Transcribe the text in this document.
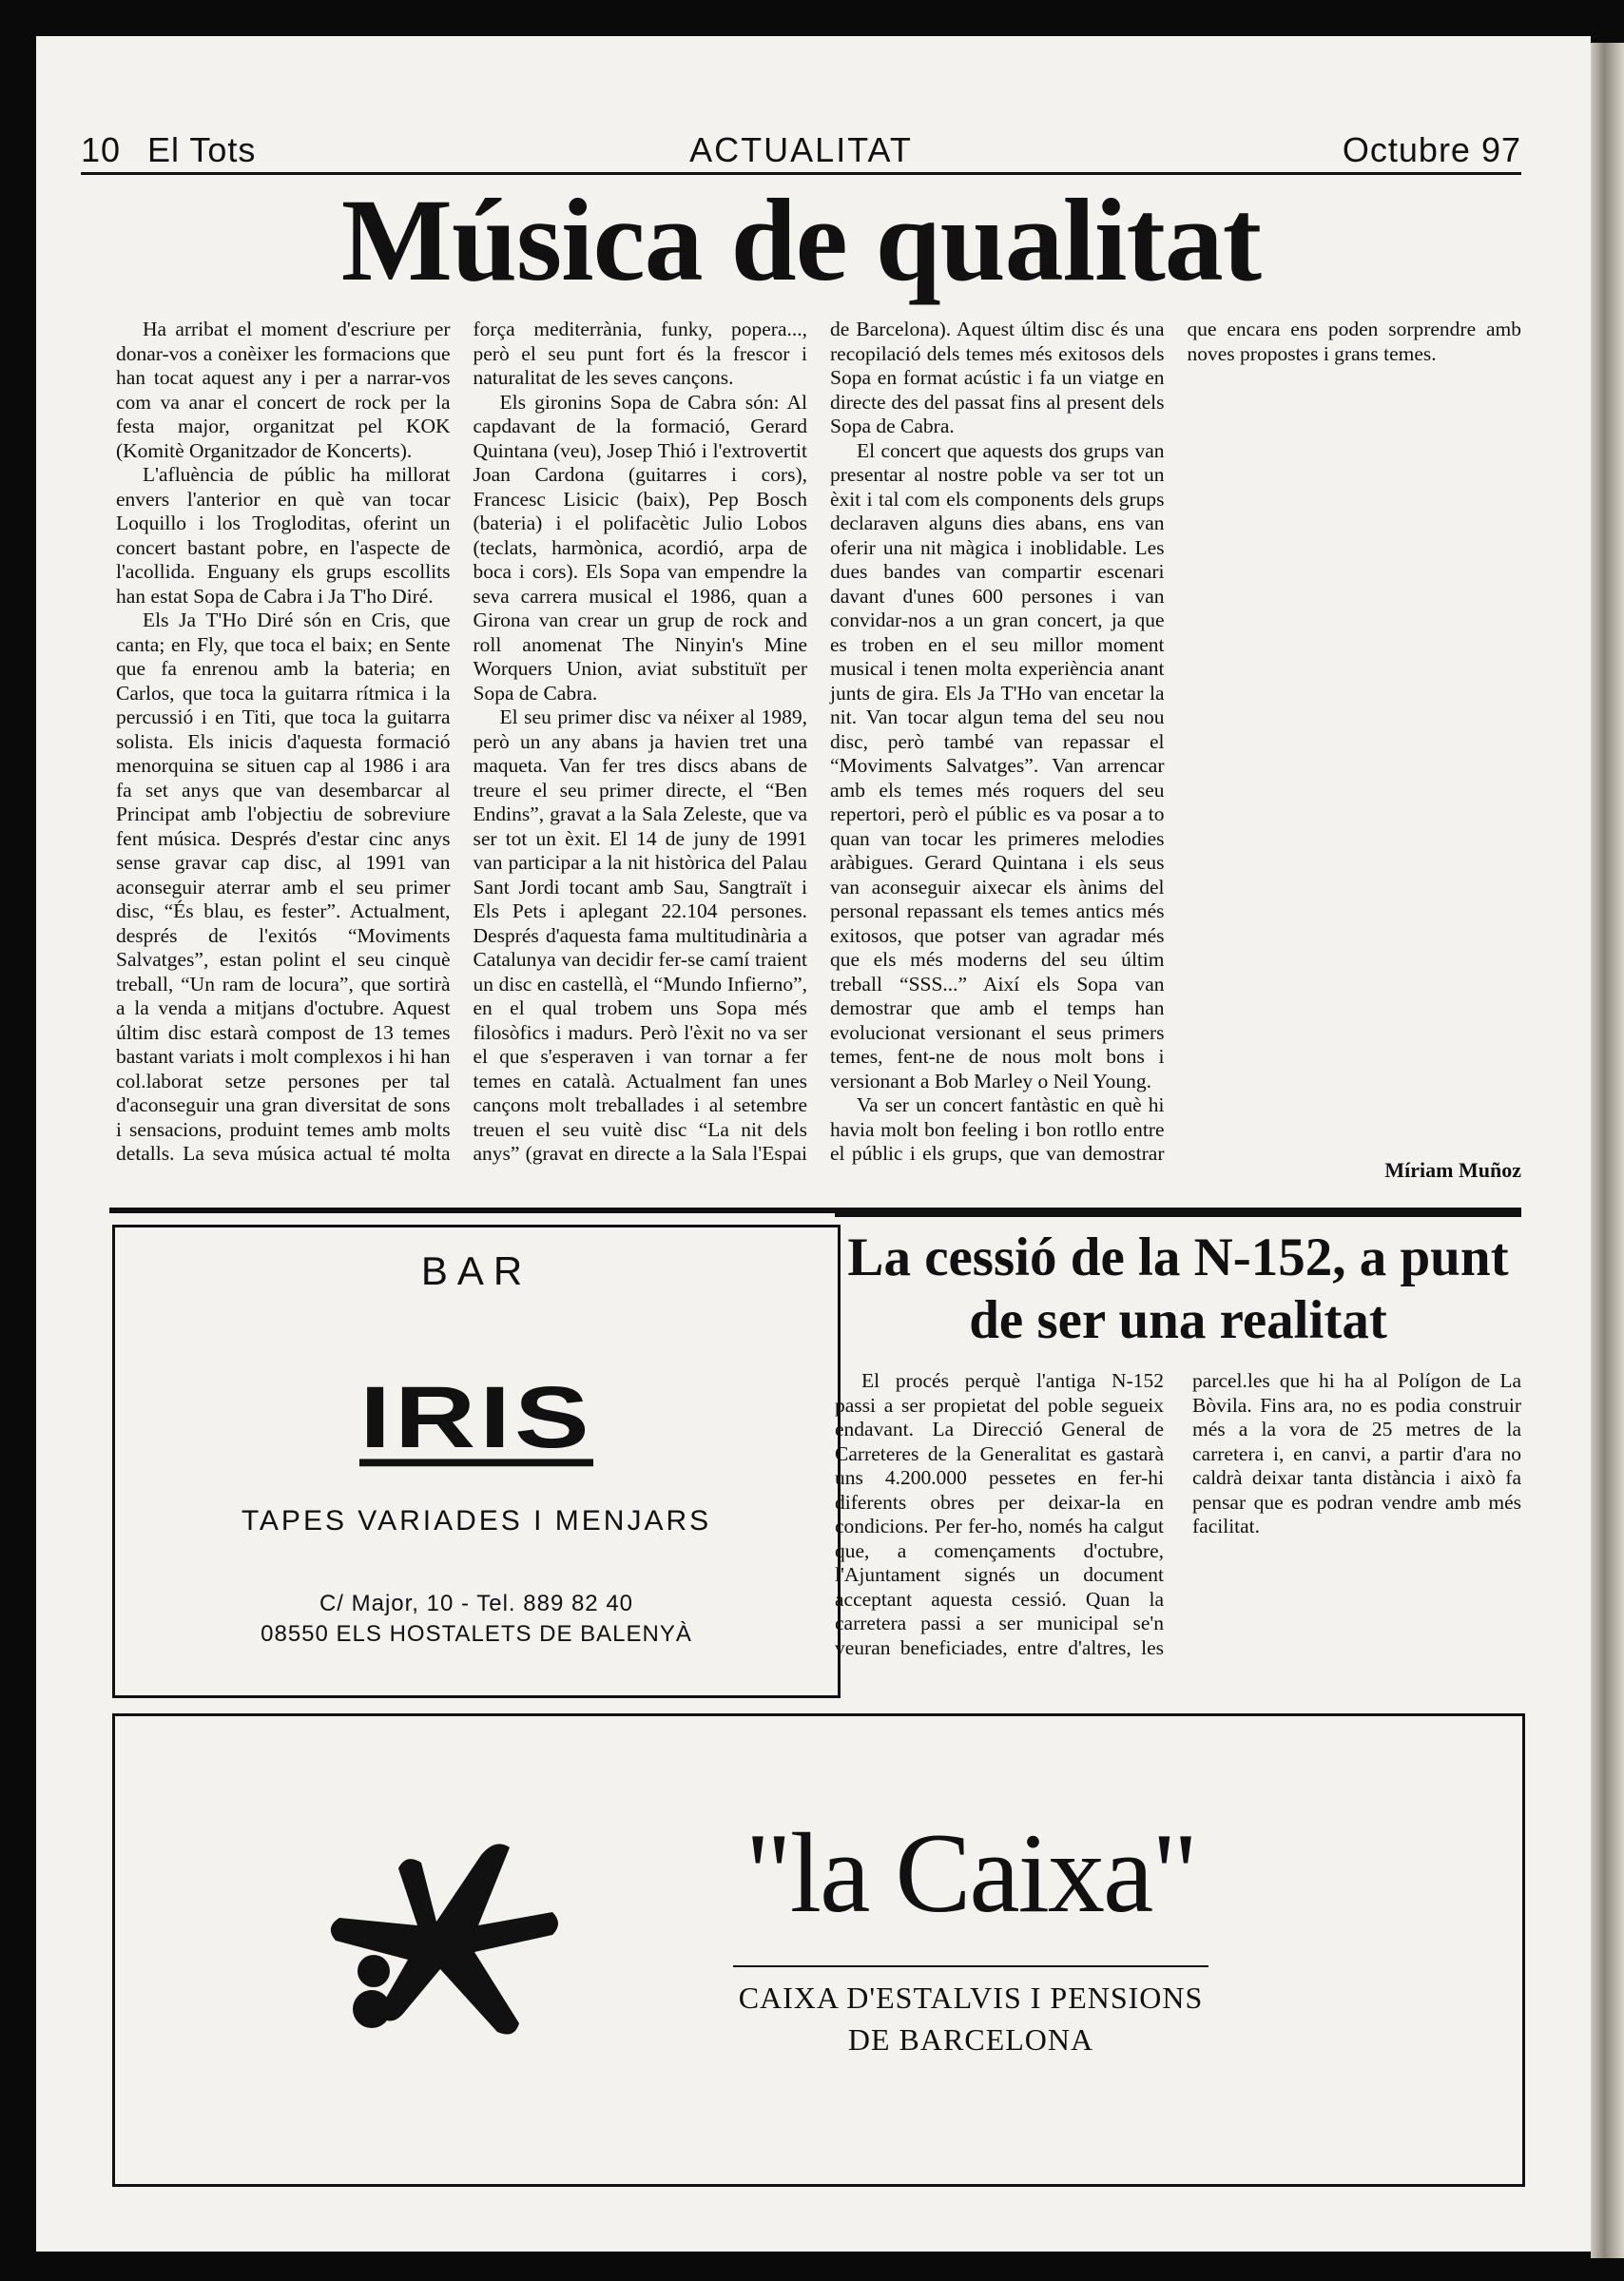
10 El Tots	ACTUALITAT	Octubre 97
Música de qualitat

Ha arribat el moment d'escriure per donar-vos a conèixer les formacions que han tocat aquest any i per a narrar-vos com va anar el concert de rock per la festa major, organitzat pel KOK (Komitè Organitzador de Koncerts).

L'afluència de públic ha millorat envers l'anterior en què van tocar Loquillo i los Trogloditas, oferint un concert bastant pobre, en l'aspecte de l'acollida. Enguany els grups escollits han estat Sopa de Cabra i Ja T'ho Diré.

Els Ja T'Ho Diré són en Cris, que canta; en Fly, que toca el baix; en Sente que fa enrenou amb la bateria; en Carlos, que toca la guitarra rítmica i la percussió i en Titi, que toca la guitarra solista. Els inicis d'aquesta formació menorquina se situen cap al 1986 i ara fa set anys que van desembarcar al Principat amb l'objectiu de sobreviure fent música. Després d'estar cinc anys sense gravar cap disc, al 1991 van aconseguir aterrar amb el seu primer disc, “És blau, es fester”. Actualment, després de l'exitós “Moviments Salvatges”, estan polint el seu cinquè treball, “Un ram de locura”, que sortirà a la venda a mitjans d'octubre. Aquest últim disc estarà compost de 13 temes bastant variats i molt complexos i hi han col.laborat setze persones per tal d'aconseguir una gran diversitat de sons i sensacions, produint temes amb molts detalls. La seva música actual té molta força mediterrània, funky, popera..., però el seu punt fort és la frescor i naturalitat de les seves cançons.

Els gironins Sopa de Cabra són: Al capdavant de la formació, Gerard Quintana (veu), Josep Thió i l'extrovertit Joan Cardona (guitarres i cors), Francesc Lisicic (baix), Pep Bosch (bateria) i el polifacètic Julio Lobos (teclats, harmònica, acordió, arpa de boca i cors). Els Sopa van empendre la seva carrera musical el 1986, quan a Girona van crear un grup de rock and roll anomenat The Ninyin's Mine Worquers Union, aviat substituït per Sopa de Cabra.

El seu primer disc va néixer al 1989, però un any abans ja havien tret una maqueta. Van fer tres discs abans de treure el seu primer directe, el “Ben Endins”, gravat a la Sala Zeleste, que va ser tot un èxit. El 14 de juny de 1991 van participar a la nit històrica del Palau Sant Jordi tocant amb Sau, Sangtraït i Els Pets i aplegant 22.104 persones. Després d'aquesta fama multitudinària a Catalunya van decidir fer-se camí traient un disc en castellà, el “Mundo Infierno”, en el qual trobem uns Sopa més filosòfics i madurs. Però l'èxit no va ser el que s'esperaven i van tornar a fer temes en català. Actualment fan unes cançons molt treballades i al setembre treuen el seu vuitè disc “La nit dels anys” (gravat en directe a la Sala l'Espai de Barcelona). Aquest últim disc és una recopilació dels temes més exitosos dels Sopa en format acústic i fa un viatge en directe des del passat fins al present dels Sopa de Cabra.

El concert que aquests dos grups van presentar al nostre poble va ser tot un èxit i tal com els components dels grups declaraven alguns dies abans, ens van oferir una nit màgica i inoblidable. Les dues bandes van compartir escenari davant d'unes 600 persones i van convidar-nos a un gran concert, ja que es troben en el seu millor moment musical i tenen molta experiència anant junts de gira. Els Ja T'Ho van encetar la nit. Van tocar algun tema del seu nou disc, però també van repassar el “Moviments Salvatges”. Van arrencar amb els temes més roquers del seu repertori, però el públic es va posar a to quan van tocar les primeres melodies aràbigues. Gerard Quintana i els seus van aconseguir aixecar els ànims del personal repassant els temes antics més exitosos, que potser van agradar més que els més moderns del seu últim treball “SSS...” Així els Sopa van demostrar que amb el temps han evolucionat versionant el seus primers temes, fent-ne de nous molt bons i versionant a Bob Marley o Neil Young.

Va ser un concert fantàstic en què hi havia molt bon feeling i bon rotllo entre el públic i els grups, que van demostrar que encara ens poden sorprendre amb noves propostes i grans temes.

Míriam Muñoz
BAR
IRIS
TAPES VARIADES I MENJARS
C/ Major, 10 - Tel. 889 82 40
08550 ELS HOSTALETS DE BALENYÀ
La cessió de la N-152, a punt de ser una realitat

El procés perquè l'antiga N-152 passi a ser propietat del poble segueix endavant. La Direcció General de Carreteres de la Generalitat es gastarà uns 4.200.000 pessetes en fer-hi diferents obres per deixar-la en condicions. Per fer-ho, només ha calgut que, a començaments d'octubre, l'Ajuntament signés un document acceptant aquesta cessió. Quan la carretera passi a ser municipal se'n veuran beneficiades, entre d'altres, les parcel.les que hi ha al Polígon de La Bòvila. Fins ara, no es podia construir més a la vora de 25 metres de la carretera i, en canvi, a partir d'ara no caldrà deixar tanta distància i això fa pensar que es podran vendre amb més facilitat.

"la Caixa"
CAIXA D'ESTALVIS I PENSIONS
DE BARCELONA
